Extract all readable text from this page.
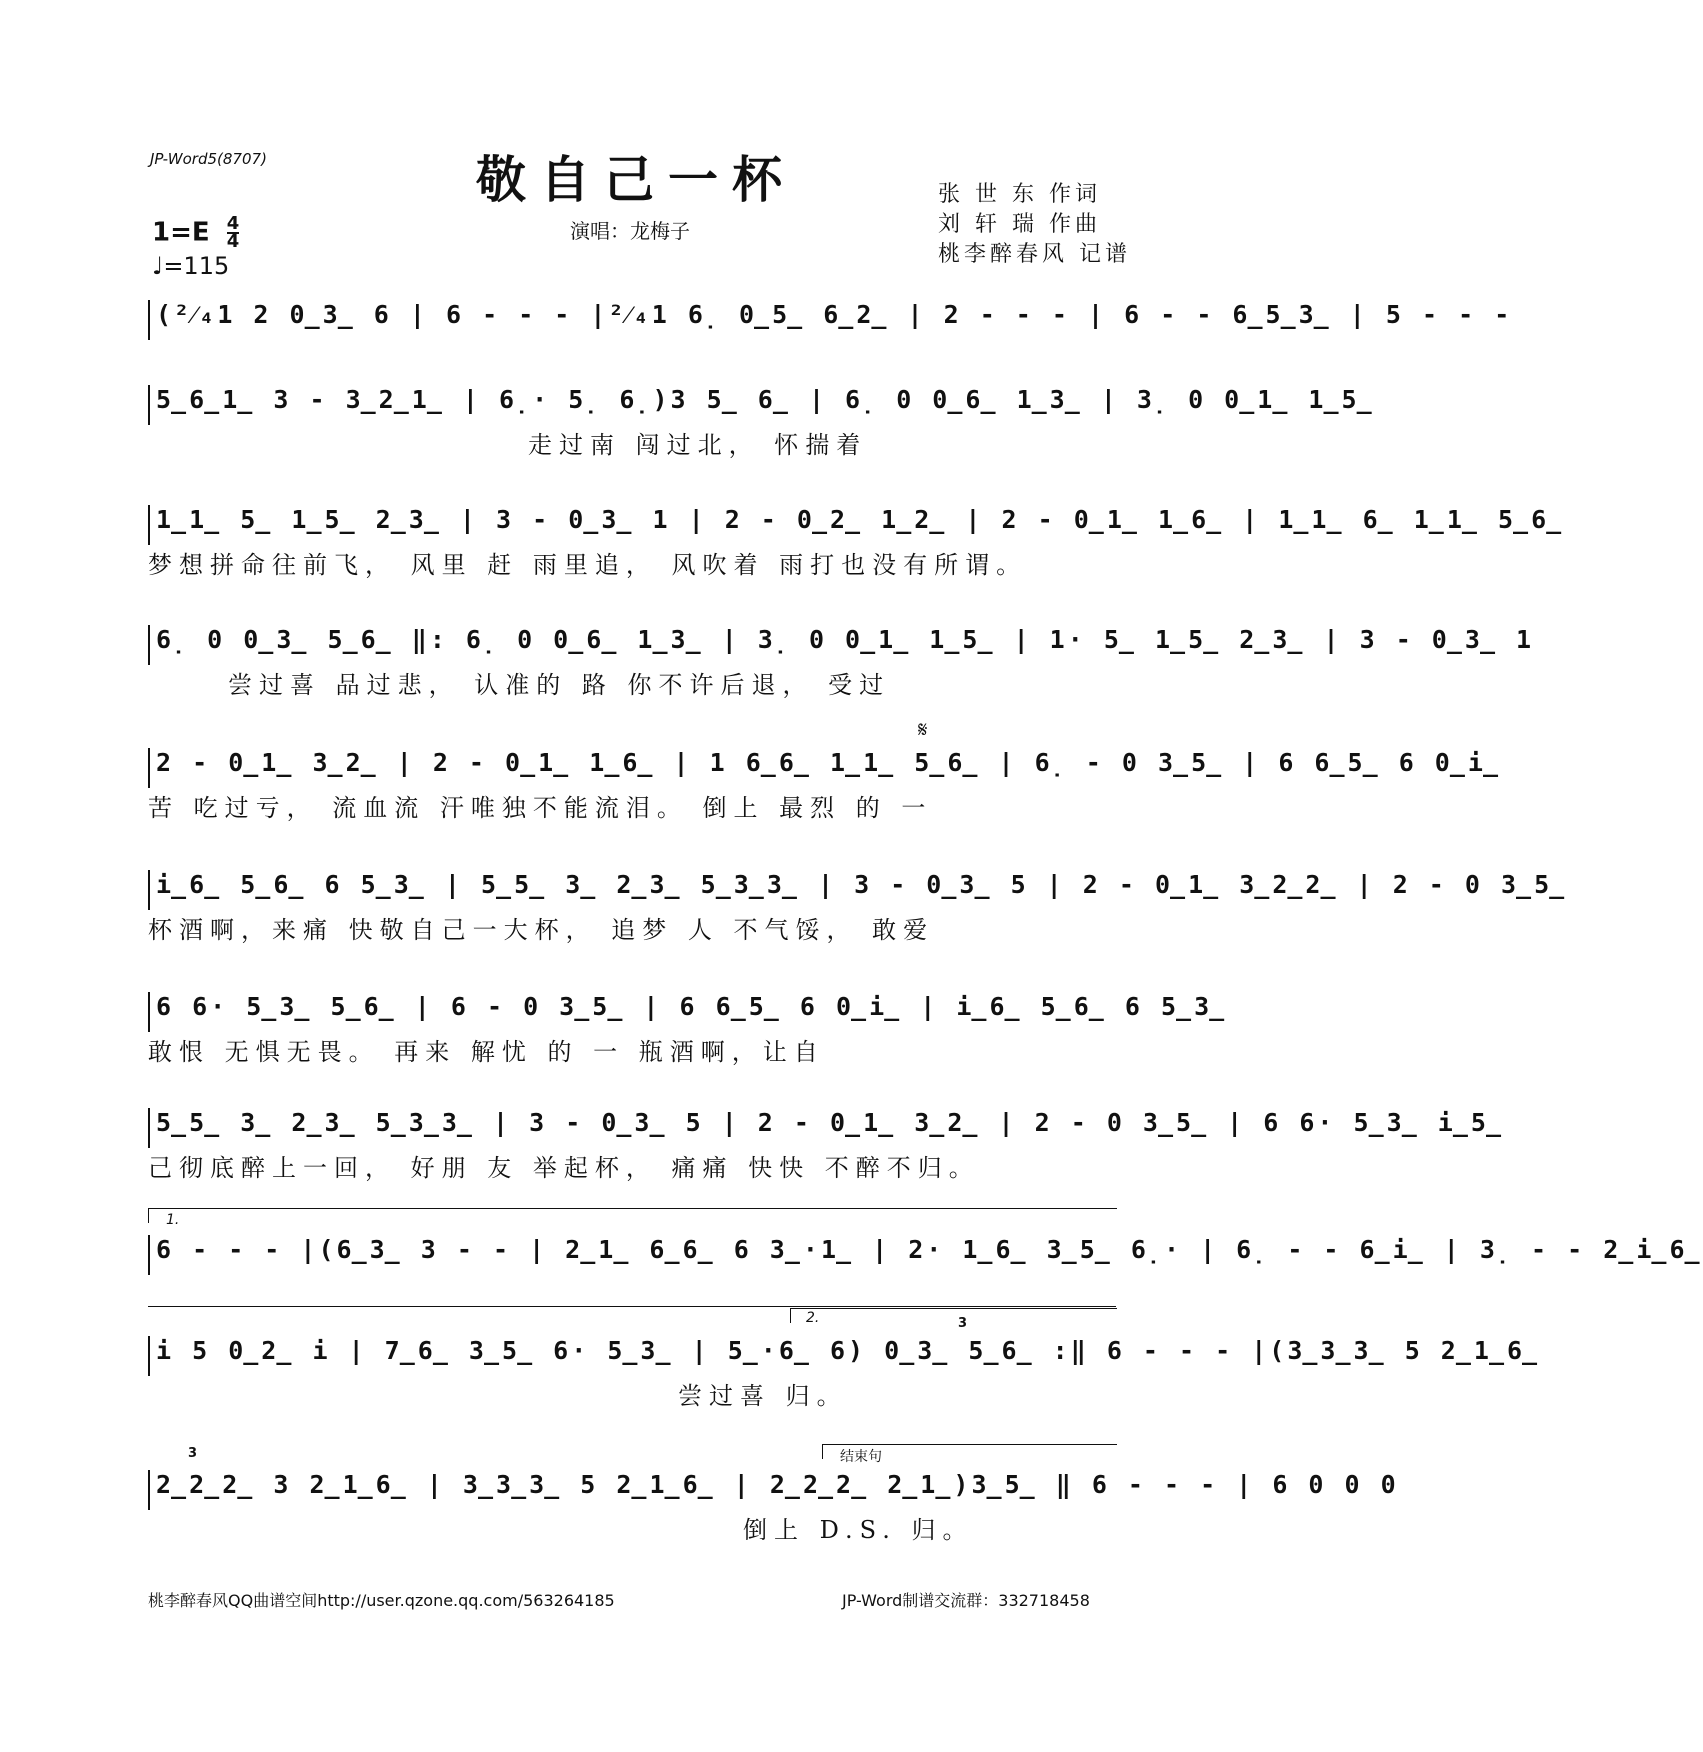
JP-Word5(8707)	敬自己一杯
演唱：龙梅子
张 世 东 作词
刘 轩 瑞 作曲
桃李醉春风 记谱
$1=E \frac{4}{4}$
♩=115
(²⁄₄1 2 0̲3̲ 6 | 6 - - - |²⁄₄1 6̣ 0̲5̲ 6̲2̲ | 2 - - - | 6 - - 6̲5̲3̲ | 5 - - -
5̲6̲1̲ 3 - 3̲2̲1̲ | 6̣· 5̣ 6̣)3 5̲ 6̲ | 6̣ 0 0̲6̲ 1̲3̲ | 3̣ 0 0̲1̲ 1̲5̲
走过南 闯过北， 怀揣着
1̲1̲ 5̲ 1̲5̲ 2̲3̲ | 3 - 0̲3̲ 1 | 2 - 0̲2̲ 1̲2̲ | 2 - 0̲1̲ 1̲6̲ | 1̲1̲ 6̲ 1̲1̲ 5̲6̲
梦想拼命往前飞， 风里 赶 雨里追， 风吹着 雨打也没有所谓。
6̣ 0 0̲3̲ 5̲6̲ ‖: 6̣ 0 0̲6̲ 1̲3̲ | 3̣ 0 0̲1̲ 1̲5̲ | 1· 5̲ 1̲5̲ 2̲3̲ | 3 - 0̲3̲ 1
尝过喜 品过悲， 认准的 路 你不许后退， 受过
𝄋
2 - 0̲1̲ 3̲2̲ | 2 - 0̲1̲ 1̲6̲ | 1 6̲6̲ 1̲1̲ 5̲6̲ | 6̣ - 0 3̲5̲ | 6 6̲5̲ 6 0̲i̲
苦 吃过亏， 流血流 汗唯独不能流泪。 倒上 最烈 的 一
i̲6̲ 5̲6̲ 6 5̲3̲ | 5̲5̲ 3̲ 2̲3̲ 5̲3̲3̲ | 3 - 0̲3̲ 5 | 2 - 0̲1̲ 3̲2̲2̲ | 2 - 0 3̲5̲
杯酒啊，来痛 快敬自己一大杯， 追梦 人 不气馁， 敢爱
6 6· 5̲3̲ 5̲6̲ | 6 - 0 3̲5̲ | 6 6̲5̲ 6 0̲i̲ | i̲6̲ 5̲6̲ 6 5̲3̲
敢恨 无惧无畏。 再来 解忧 的 一 瓶酒啊，让自
5̲5̲ 3̲ 2̲3̲ 5̲3̲3̲ | 3 - 0̲3̲ 5 | 2 - 0̲1̲ 3̲2̲ | 2 - 0 3̲5̲ | 6 6· 5̲3̲ i̲5̲
己彻底醉上一回， 好朋 友 举起杯， 痛痛 快快 不醉不归。
1.
6 - - - |(6̲3̲ 3 - - | 2̲1̲ 6̲6̲ 6 3̲·1̲ | 2· 1̲6̲ 3̲5̲ 6̣· | 6̣ - - 6̲i̲ | 3̣ - - 2̲i̲6̲
2.	3
i 5 0̲2̲ i | 7̲6̲ 3̲5̲ 6· 5̲3̲ | 5̲·6̲ 6) 0̲3̲ 5̲6̲ :‖ 6 - - - |(3̲3̲3̲ 5 2̲1̲6̲
尝过喜 归。
结束句
3
2̲2̲2̲ 3 2̲1̲6̲ | 3̲3̲3̲ 5 2̲1̲6̲ | 2̲2̲2̲ 2̲1̲)3̲5̲ ‖ 6 - - - | 6 0 0 0
倒上 D.S. 归。
桃李醉春风QQ曲谱空间http://user.qzone.qq.com/563264185	JP-Word制谱交流群：332718458
